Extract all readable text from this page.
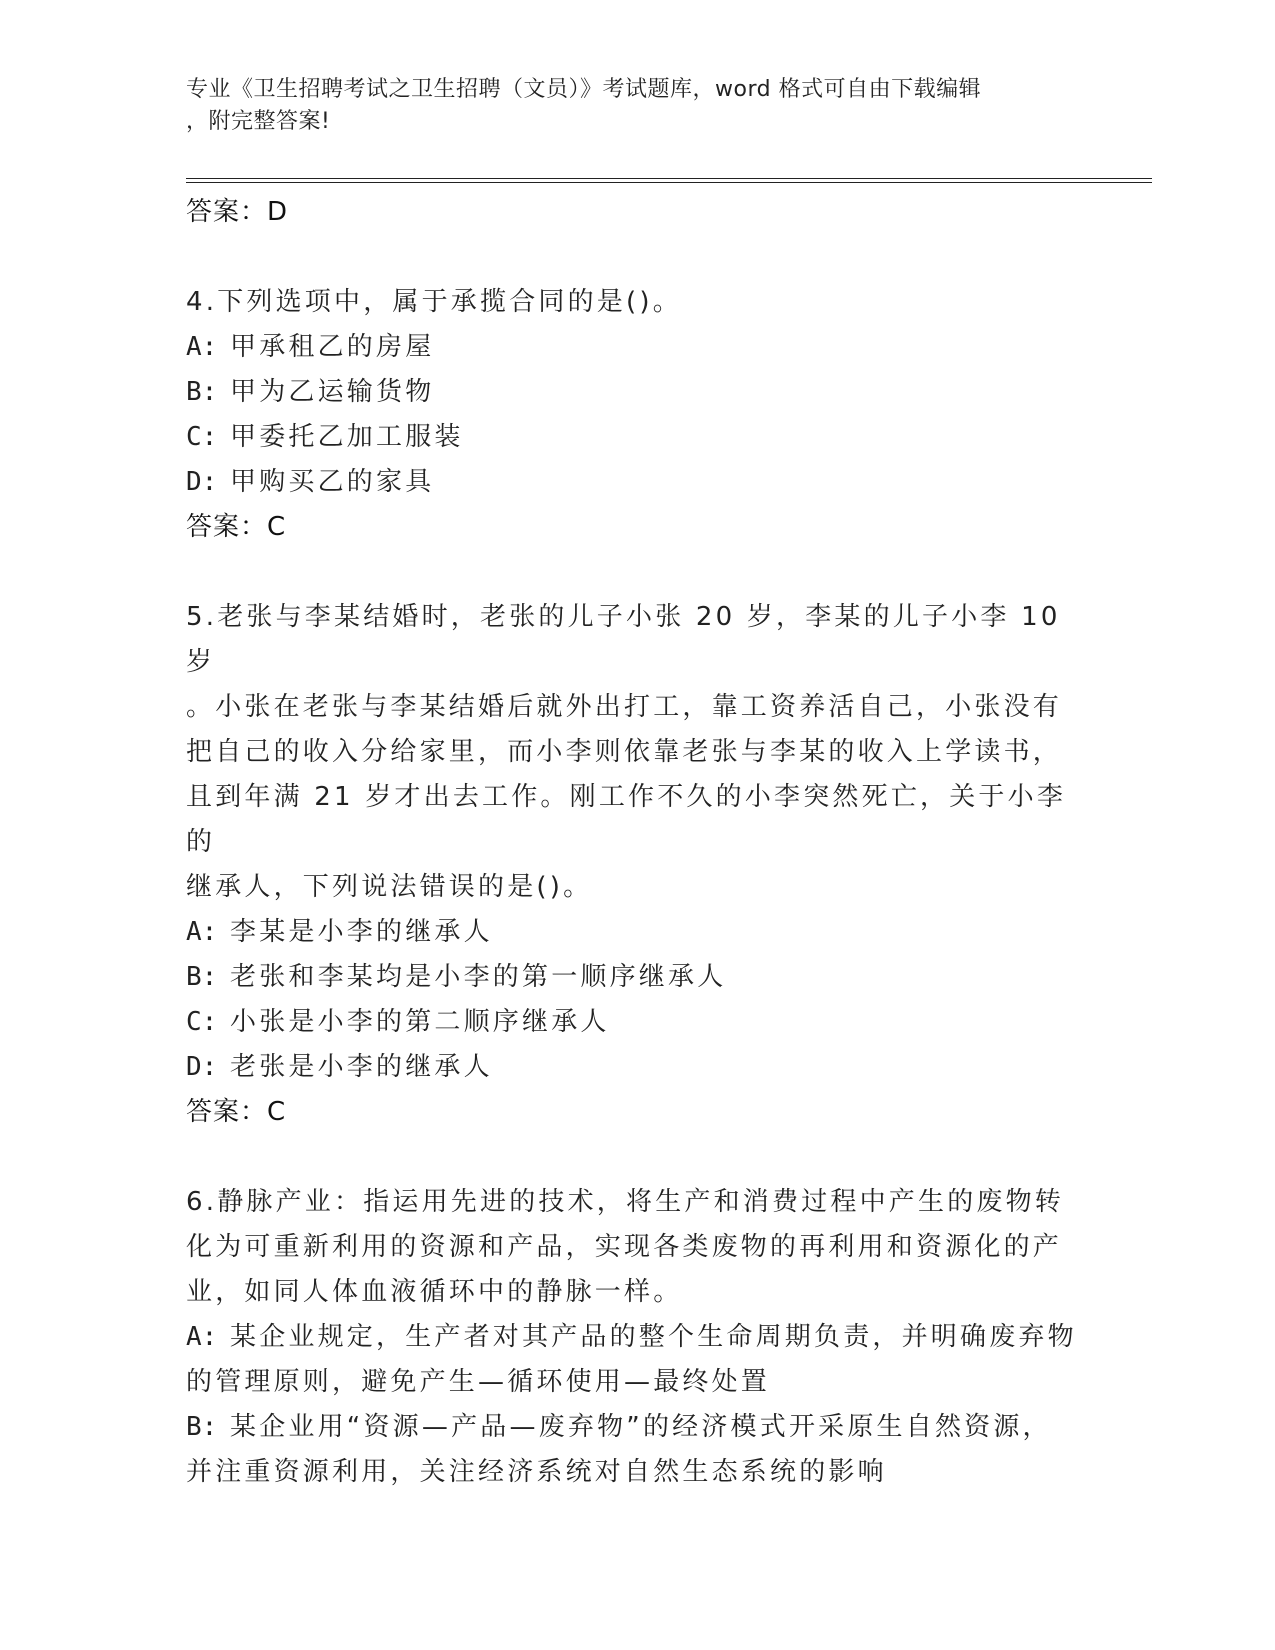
专业《卫生招聘考试之卫生招聘（文员）》考试题库，word 格式可自由下载编辑
，附完整答案!
答案：D
4.下列选项中，属于承揽合同的是()。
A: 甲承租乙的房屋
B: 甲为乙运输货物
C: 甲委托乙加工服装
D: 甲购买乙的家具
答案：C
5.老张与李某结婚时，老张的儿子小张 20 岁，李某的儿子小李 10 岁
。小张在老张与李某结婚后就外出打工，靠工资养活自己，小张没有
把自己的收入分给家里，而小李则依靠老张与李某的收入上学读书，
且到年满 21 岁才出去工作。刚工作不久的小李突然死亡，关于小李的
继承人，下列说法错误的是()。
A: 李某是小李的继承人
B: 老张和李某均是小李的第一顺序继承人
C: 小张是小李的第二顺序继承人
D: 老张是小李的继承人
答案：C
6.静脉产业：指运用先进的技术，将生产和消费过程中产生的废物转
化为可重新利用的资源和产品，实现各类废物的再利用和资源化的产
业，如同人体血液循环中的静脉一样。
A: 某企业规定，生产者对其产品的整个生命周期负责，并明确废弃物
的管理原则，避免产生—循环使用—最终处置
B: 某企业用“资源—产品—废弃物”的经济模式开采原生自然资源，
并注重资源利用，关注经济系统对自然生态系统的影响
